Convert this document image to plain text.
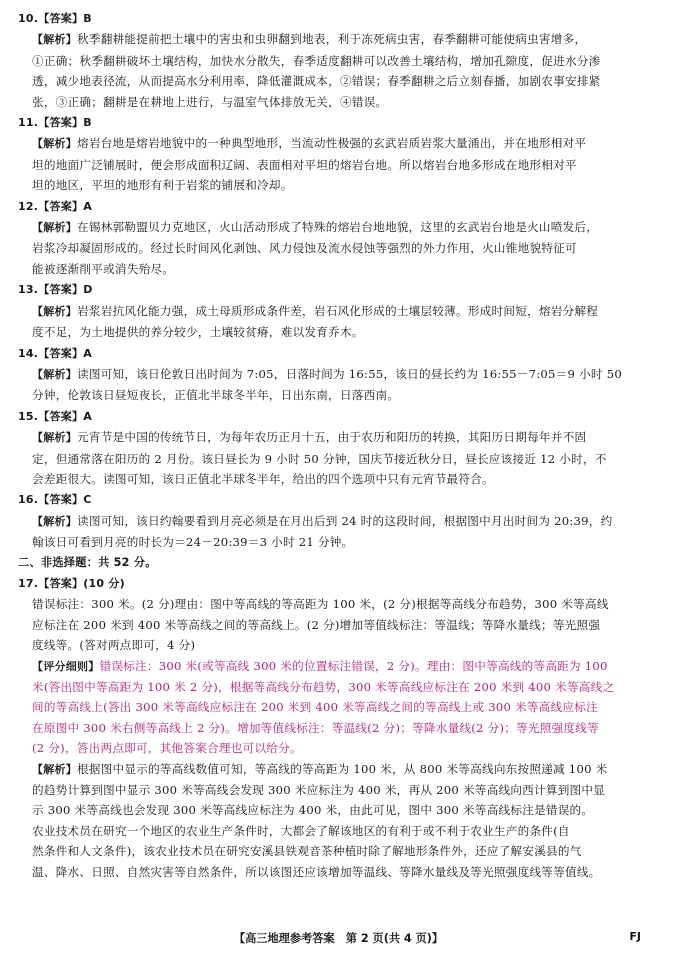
10.【答案】B
【解析】秋季翻耕能提前把土壤中的害虫和虫卵翻到地表，利于冻死病虫害，春季翻耕可能使病虫害增多，
①正确；秋季翻耕破坏土壤结构，加快水分散失，春季适度翻耕可以改善土壤结构，增加孔隙度，促进水分渗
透，减少地表径流，从而提高水分利用率，降低灌溉成本，②错误；春季翻耕之后立刻春播，加剧农事安排紧
张，③正确；翻耕是在耕地上进行，与温室气体排放无关，④错误。
11.【答案】B
【解析】熔岩台地是熔岩地貌中的一种典型地形，当流动性极强的玄武岩质岩浆大量涌出，并在地形相对平
坦的地面广泛铺展时，便会形成面积辽阔、表面相对平坦的熔岩台地。所以熔岩台地多形成在地形相对平
坦的地区，平坦的地形有利于岩浆的铺展和冷却。
12.【答案】A
【解析】在锡林郭勒盟贝力克地区，火山活动形成了特殊的熔岩台地地貌，这里的玄武岩台地是火山喷发后，
岩浆冷却凝固形成的。经过长时间风化剥蚀、风力侵蚀及流水侵蚀等强烈的外力作用，火山锥地貌特征可
能被逐渐削平或消失殆尽。
13.【答案】D
【解析】岩浆岩抗风化能力强，成土母质形成条件差，岩石风化形成的土壤层较薄。形成时间短，熔岩分解程
度不足，为土地提供的养分较少，土壤较贫瘠，难以发育乔木。
14.【答案】A
【解析】读图可知，该日伦敦日出时间为 7:05，日落时间为 16:55，该日的昼长约为 16:55－7:05＝9 小时 50
分钟，伦敦该日昼短夜长，正值北半球冬半年，日出东南，日落西南。
15.【答案】A
【解析】元宵节是中国的传统节日，为每年农历正月十五，由于农历和阳历的转换，其阳历日期每年并不固
定，但通常落在阳历的 2 月份。该日昼长为 9 小时 50 分钟，国庆节接近秋分日，昼长应该接近 12 小时，不
会差距很大。读图可知，该日正值北半球冬半年，给出的四个选项中只有元宵节最符合。
16.【答案】C
【解析】读图可知，该日约翰要看到月亮必须是在月出后到 24 时的这段时间，根据图中月出时间为 20:39，约
翰该日可看到月亮的时长为＝24－20:39＝3 小时 21 分钟。
二、非选择题：共 52 分。
17.【答案】(10 分)
错误标注：300 米。(2 分)理由：图中等高线的等高距为 100 米，(2 分)根据等高线分布趋势，300 米等高线
应标注在 200 米到 400 米等高线之间的等高线上。(2 分)增加等值线标注：等温线；等降水量线；等光照强
度线等。(答对两点即可，4 分)
【评分细则】错误标注：300 米(或等高线 300 米的位置标注错误，2 分)。理由：图中等高线的等高距为 100
米(答出图中等高距为 100 米 2 分)，根据等高线分布趋势，300 米等高线应标注在 200 米到 400 米等高线之
间的等高线上(答出 300 米等高线应标注在 200 米到 400 米等高线之间的等高线上或 300 米等高线应标注
在原图中 300 米右侧等高线上 2 分)。增加等值线标注：等温线(2 分)；等降水量线(2 分)；等光照强度线等
(2 分)，答出两点即可，其他答案合理也可以给分。
【解析】根据图中显示的等高线数值可知，等高线的等高距为 100 米，从 800 米等高线向东按照递减 100 米
的趋势计算到图中显示 300 米等高线会发现 300 米应标注为 400 米，再从 200 米等高线向西计算到图中显
示 300 米等高线也会发现 300 米等高线应标注为 400 米，由此可见，图中 300 米等高线标注是错误的。
农业技术员在研究一个地区的农业生产条件时，大都会了解该地区的有利于或不利于农业生产的条件(自
然条件和人文条件)，该农业技术员在研究安溪县铁观音茶种植时除了解地形条件外，还应了解安溪县的气
温、降水、日照、自然灾害等自然条件，所以该图还应该增加等温线、等降水量线及等光照强度线等等值线。
【高三地理参考答案　第 2 页(共 4 页)】	FJ
